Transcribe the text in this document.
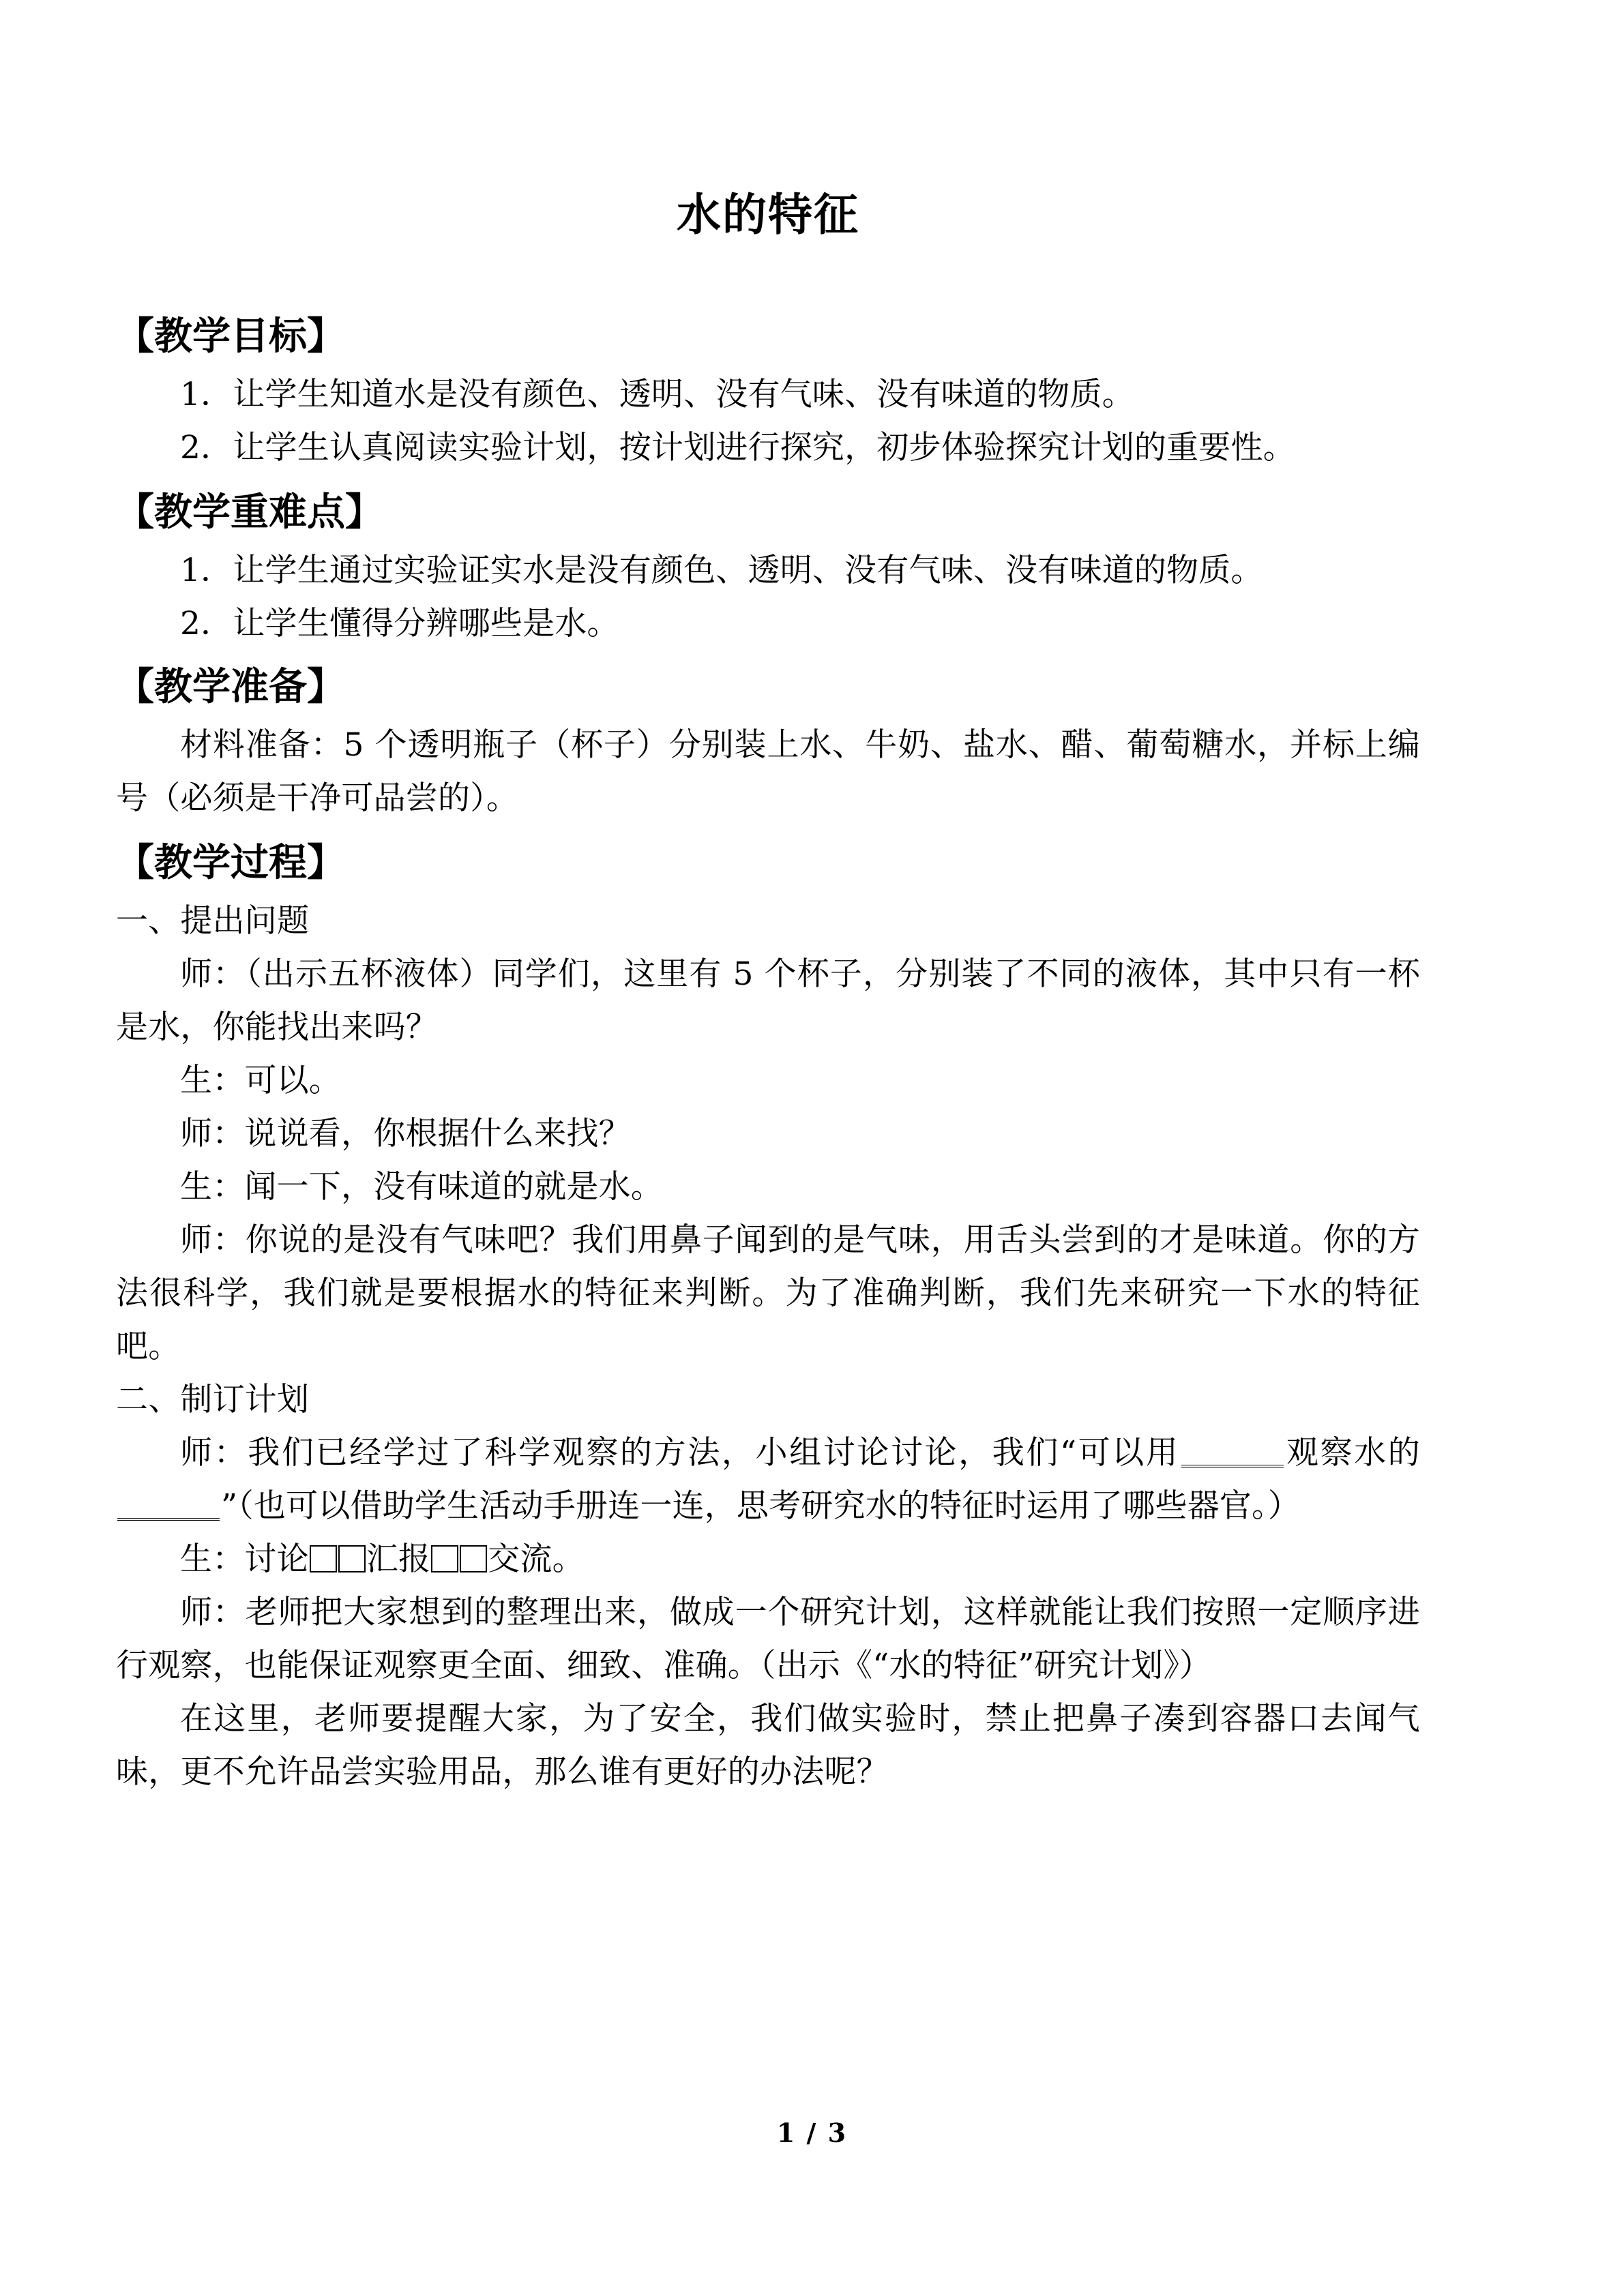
水的特征
【教学目标】

1．让学生知道水是没有颜色、透明、没有气味、没有味道的物质。

2．让学生认真阅读实验计划，按计划进行探究，初步体验探究计划的重要性。

【教学重难点】

1．让学生通过实验证实水是没有颜色、透明、没有气味、没有味道的物质。

2．让学生懂得分辨哪些是水。

【教学准备】

材料准备：5 个透明瓶子（杯子）分别装上水、牛奶、盐水、醋、葡萄糖水，并标上编号（必须是干净可品尝的）。

【教学过程】

一、提出问题

师：（出示五杯液体）同学们，这里有 5 个杯子，分别装了不同的液体，其中只有一杯是水，你能找出来吗？

生：可以。

师：说说看，你根据什么来找？

生：闻一下，没有味道的就是水。

师：你说的是没有气味吧？我们用鼻子闻到的是气味，用舌头尝到的才是味道。你的方法很科学，我们就是要根据水的特征来判断。为了准确判断，我们先来研究一下水的特征吧。

二、制订计划

师：我们已经学过了科学观察的方法，小组讨论讨论，我们“可以用	观察水的”（也可以借助学生活动手册连一连，思考研究水的特征时运用了哪些器官。）

生：讨论 汇报 交流。

师：老师把大家想到的整理出来，做成一个研究计划，这样就能让我们按照一定顺序进行观察，也能保证观察更全面、细致、准确。（出示《“水的特征”研究计划》）

在这里，老师要提醒大家，为了安全，我们做实验时，禁止把鼻子凑到容器口去闻气味，更不允许品尝实验用品，那么谁有更好的办法呢？

1 / 3
